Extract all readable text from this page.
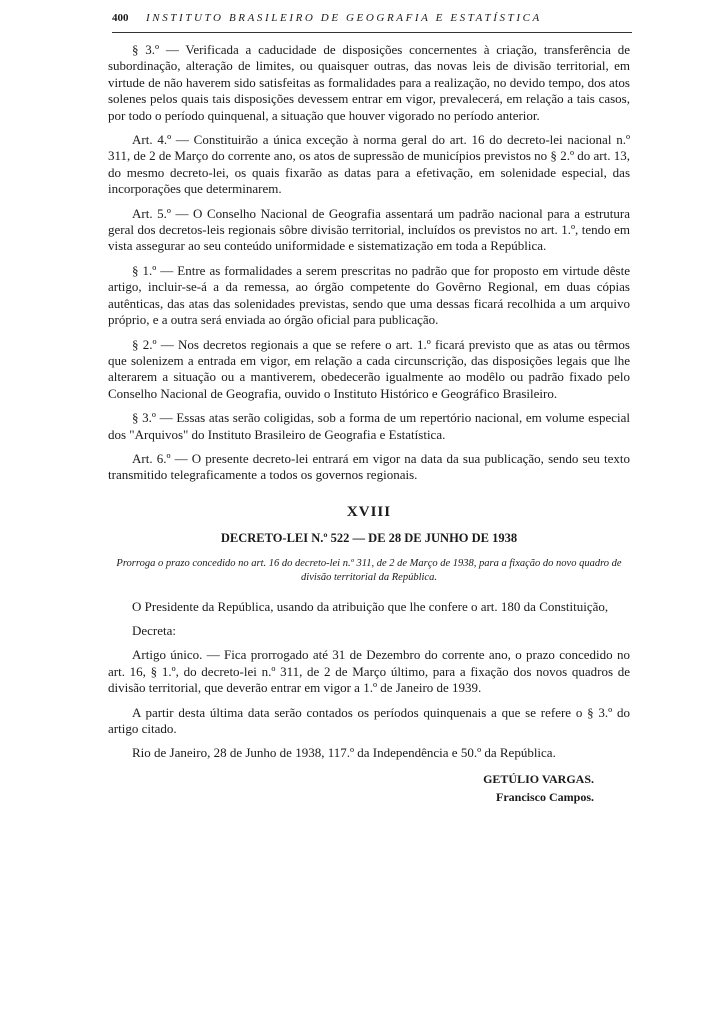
400 INSTITUTO BRASILEIRO DE GEOGRAFIA E ESTATÍSTICA

§ 3.º — Verificada a caducidade de disposições concernentes à criação, transferência de subordinação, alteração de limites, ou quaisquer outras, das novas leis de divisão territorial, em virtude de não haverem sido satisfeitas as formalidades para a realização, no devido tempo, dos atos solenes pelos quais tais disposições devessem entrar em vigor, prevalecerá, em relação a tais casos, por todo o período quinquenal, a situação que houver vigorado no período anterior.

Art. 4.º — Constituirão a única exceção à norma geral do art. 16 do decreto-lei nacional n.º 311, de 2 de Março do corrente ano, os atos de supressão de municípios previstos no § 2.º do art. 13, do mesmo decreto-lei, os quais fixarão as datas para a efetivação, em solenidade especial, das incorporações que determinarem.

Art. 5.º — O Conselho Nacional de Geografia assentará um padrão nacional para a estrutura geral dos decretos-leis regionais sôbre divisão territorial, incluídos os previstos no art. 1.º, tendo em vista assegurar ao seu conteúdo uniformidade e sistematização em toda a República.

§ 1.º — Entre as formalidades a serem prescritas no padrão que for proposto em virtude dêste artigo, incluir-se-á a da remessa, ao órgão competente do Govêrno Regional, em duas cópias autênticas, das atas das solenidades previstas, sendo que uma dessas ficará recolhida a um arquivo próprio, e a outra será enviada ao órgão oficial para publicação.

§ 2.º — Nos decretos regionais a que se refere o art. 1.º ficará previsto que as atas ou têrmos que solenizem a entrada em vigor, em relação a cada circunscrição, das disposições legais que lhe alterarem a situação ou a mantiverem, obedecerão igualmente ao modêlo ou padrão fixado pelo Conselho Nacional de Geografia, ouvido o Instituto Histórico e Geográfico Brasileiro.

§ 3.º — Essas atas serão coligidas, sob a forma de um repertório nacional, em volume especial dos "Arquivos" do Instituto Brasileiro de Geografia e Estatística.

Art. 6.º — O presente decreto-lei entrará em vigor na data da sua publicação, sendo seu texto transmitido telegraficamente a todos os governos regionais.

XVIII
DECRETO-LEI N.º 522 — DE 28 DE JUNHO DE 1938
Prorroga o prazo concedido no art. 16 do decreto-lei n.º 311, de 2 de Março de 1938, para a fixação do novo quadro de divisão territorial da República.

O Presidente da República, usando da atribuição que lhe confere o art. 180 da Constituição,

Decreta:

Artigo único. — Fica prorrogado até 31 de Dezembro do corrente ano, o prazo concedido no art. 16, § 1.º, do decreto-lei n.º 311, de 2 de Março último, para a fixação dos novos quadros de divisão territorial, que deverão entrar em vigor a 1.º de Janeiro de 1939.

A partir desta última data serão contados os períodos quinquenais a que se refere o § 3.º do artigo citado.

Rio de Janeiro, 28 de Junho de 1938, 117.º da Independência e 50.º da República.

GETÚLIO VARGAS.

Francisco Campos.
